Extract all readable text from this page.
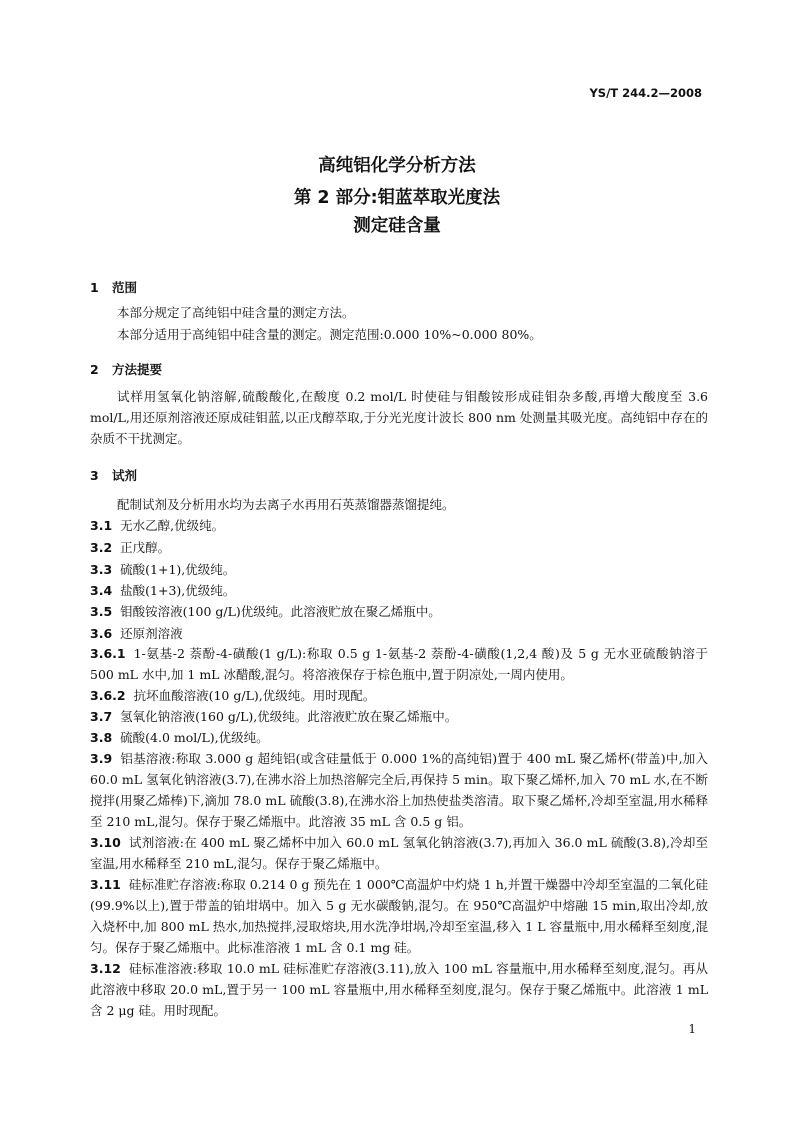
YS/T 244.2—2008
高纯铝化学分析方法
第 2 部分:钼蓝萃取光度法
测定硅含量
1 范围
本部分规定了高纯铝中硅含量的测定方法。
本部分适用于高纯铝中硅含量的测定。测定范围:0.000 10%~0.000 80%。
2 方法提要
试样用氢氧化钠溶解,硫酸酸化,在酸度 0.2 mol/L 时使硅与钼酸铵形成硅钼杂多酸,再增大酸度至 3.6 mol/L,用还原剂溶液还原成硅钼蓝,以正戊醇萃取,于分光光度计波长 800 nm 处测量其吸光度。高纯铝中存在的杂质不干扰测定。
3 试剂
配制试剂及分析用水均为去离子水再用石英蒸馏器蒸馏提纯。
3.1 无水乙醇,优级纯。
3.2 正戊醇。
3.3 硫酸(1+1),优级纯。
3.4 盐酸(1+3),优级纯。
3.5 钼酸铵溶液(100 g/L)优级纯。此溶液贮放在聚乙烯瓶中。
3.6 还原剂溶液
3.6.1 1-氨基-2 萘酚-4-磺酸(1 g/L):称取 0.5 g 1-氨基-2 萘酚-4-磺酸(1,2,4 酸)及 5 g 无水亚硫酸钠溶于 500 mL 水中,加 1 mL 冰醋酸,混匀。将溶液保存于棕色瓶中,置于阴凉处,一周内使用。
3.6.2 抗坏血酸溶液(10 g/L),优级纯。用时现配。
3.7 氢氧化钠溶液(160 g/L),优级纯。此溶液贮放在聚乙烯瓶中。
3.8 硫酸(4.0 mol/L),优级纯。
3.9 铝基溶液:称取 3.000 g 超纯铝(或含硅量低于 0.000 1%的高纯铝)置于 400 mL 聚乙烯杯(带盖)中,加入 60.0 mL 氢氧化钠溶液(3.7),在沸水浴上加热溶解完全后,再保持 5 min。取下聚乙烯杯,加入 70 mL 水,在不断搅拌(用聚乙烯棒)下,滴加 78.0 mL 硫酸(3.8),在沸水浴上加热使盐类溶清。取下聚乙烯杯,冷却至室温,用水稀释至 210 mL,混匀。保存于聚乙烯瓶中。此溶液 35 mL 含 0.5 g 铝。
3.10 试剂溶液:在 400 mL 聚乙烯杯中加入 60.0 mL 氢氧化钠溶液(3.7),再加入 36.0 mL 硫酸(3.8),冷却至室温,用水稀释至 210 mL,混匀。保存于聚乙烯瓶中。
3.11 硅标准贮存溶液:称取 0.214 0 g 预先在 1 000℃高温炉中灼烧 1 h,并置干燥器中冷却至室温的二氧化硅(99.9%以上),置于带盖的铂坩埚中。加入 5 g 无水碳酸钠,混匀。在 950℃高温炉中熔融 15 min,取出冷却,放入烧杯中,加 800 mL 热水,加热搅拌,浸取熔块,用水洗净坩埚,冷却至室温,移入 1 L 容量瓶中,用水稀释至刻度,混匀。保存于聚乙烯瓶中。此标准溶液 1 mL 含 0.1 mg 硅。
3.12 硅标准溶液:移取 10.0 mL 硅标准贮存溶液(3.11),放入 100 mL 容量瓶中,用水稀释至刻度,混匀。再从此溶液中移取 20.0 mL,置于另一 100 mL 容量瓶中,用水稀释至刻度,混匀。保存于聚乙烯瓶中。此溶液 1 mL 含 2 μg 硅。用时现配。
1
